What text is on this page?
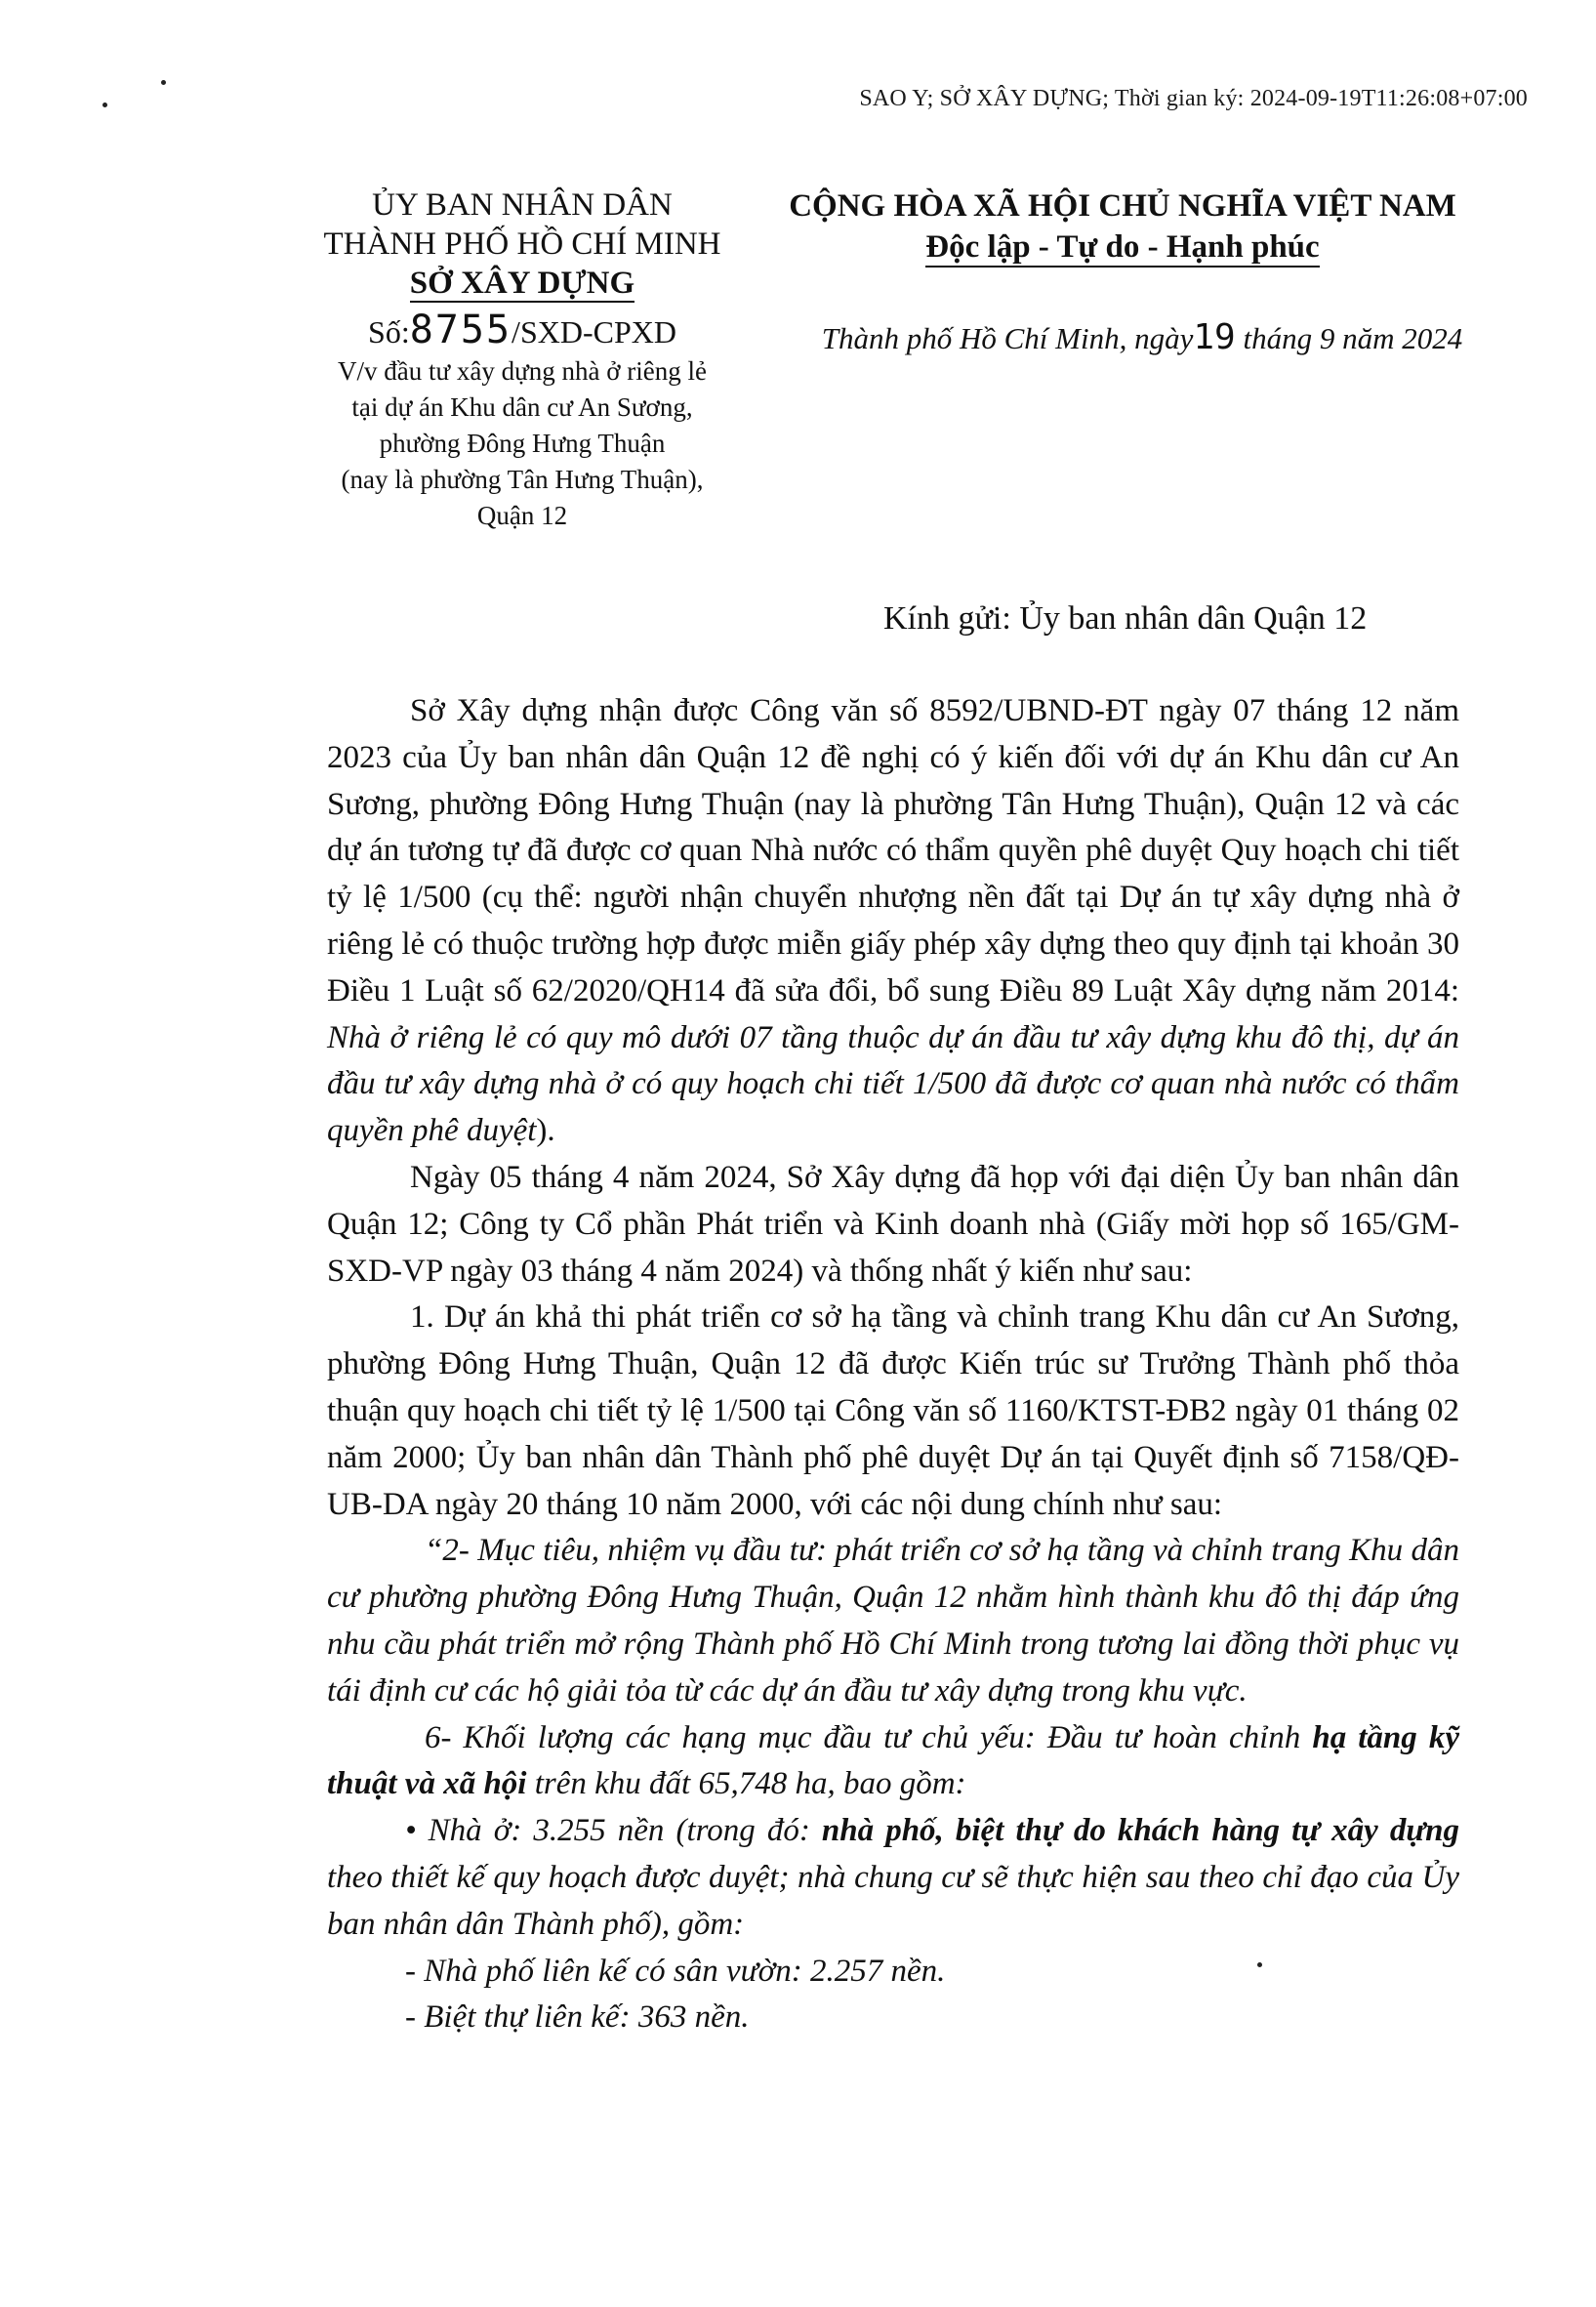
SAO Y; SỞ XÂY DỰNG; Thời gian ký: 2024-09-19T11:26:08+07:00
ỦY BAN NHÂN DÂN
THÀNH PHỐ HỒ CHÍ MINH
SỞ XÂY DỰNG
Số:8755/SXD-CPXD
V/v đầu tư xây dựng nhà ở riêng lẻ
tại dự án Khu dân cư An Sương,
phường Đông Hưng Thuận
(nay là phường Tân Hưng Thuận),
Quận 12
CỘNG HÒA XÃ HỘI CHỦ NGHĨA VIỆT NAM
Độc lập - Tự do - Hạnh phúc
Thành phố Hồ Chí Minh, ngày19 tháng 9 năm 2024
Kính gửi: Ủy ban nhân dân Quận 12

Sở Xây dựng nhận được Công văn số 8592/UBND-ĐT ngày 07 tháng 12 năm 2023 của Ủy ban nhân dân Quận 12 đề nghị có ý kiến đối với dự án Khu dân cư An Sương, phường Đông Hưng Thuận (nay là phường Tân Hưng Thuận), Quận 12 và các dự án tương tự đã được cơ quan Nhà nước có thẩm quyền phê duyệt Quy hoạch chi tiết tỷ lệ 1/500 (cụ thể: người nhận chuyển nhượng nền đất tại Dự án tự xây dựng nhà ở riêng lẻ có thuộc trường hợp được miễn giấy phép xây dựng theo quy định tại khoản 30 Điều 1 Luật số 62/2020/QH14 đã sửa đổi, bổ sung Điều 89 Luật Xây dựng năm 2014: Nhà ở riêng lẻ có quy mô dưới 07 tầng thuộc dự án đầu tư xây dựng khu đô thị, dự án đầu tư xây dựng nhà ở có quy hoạch chi tiết 1/500 đã được cơ quan nhà nước có thẩm quyền phê duyệt).

Ngày 05 tháng 4 năm 2024, Sở Xây dựng đã họp với đại diện Ủy ban nhân dân Quận 12; Công ty Cổ phần Phát triển và Kinh doanh nhà (Giấy mời họp số 165/GM-SXD-VP ngày 03 tháng 4 năm 2024) và thống nhất ý kiến như sau:

1. Dự án khả thi phát triển cơ sở hạ tầng và chỉnh trang Khu dân cư An Sương, phường Đông Hưng Thuận, Quận 12 đã được Kiến trúc sư Trưởng Thành phố thỏa thuận quy hoạch chi tiết tỷ lệ 1/500 tại Công văn số 1160/KTST-ĐB2 ngày 01 tháng 02 năm 2000; Ủy ban nhân dân Thành phố phê duyệt Dự án tại Quyết định số 7158/QĐ-UB-DA ngày 20 tháng 10 năm 2000, với các nội dung chính như sau:

“2- Mục tiêu, nhiệm vụ đầu tư: phát triển cơ sở hạ tầng và chỉnh trang Khu dân cư phường phường Đông Hưng Thuận, Quận 12 nhằm hình thành khu đô thị đáp ứng nhu cầu phát triển mở rộng Thành phố Hồ Chí Minh trong tương lai đồng thời phục vụ tái định cư các hộ giải tỏa từ các dự án đầu tư xây dựng trong khu vực.

6- Khối lượng các hạng mục đầu tư chủ yếu: Đầu tư hoàn chỉnh hạ tầng kỹ thuật và xã hội trên khu đất 65,748 ha, bao gồm:

• Nhà ở: 3.255 nền (trong đó: nhà phố, biệt thự do khách hàng tự xây dựng theo thiết kế quy hoạch được duyệt; nhà chung cư sẽ thực hiện sau theo chỉ đạo của Ủy ban nhân dân Thành phố), gồm:

- Nhà phố liên kế có sân vườn: 2.257 nền.

- Biệt thự liên kế: 363 nền.
